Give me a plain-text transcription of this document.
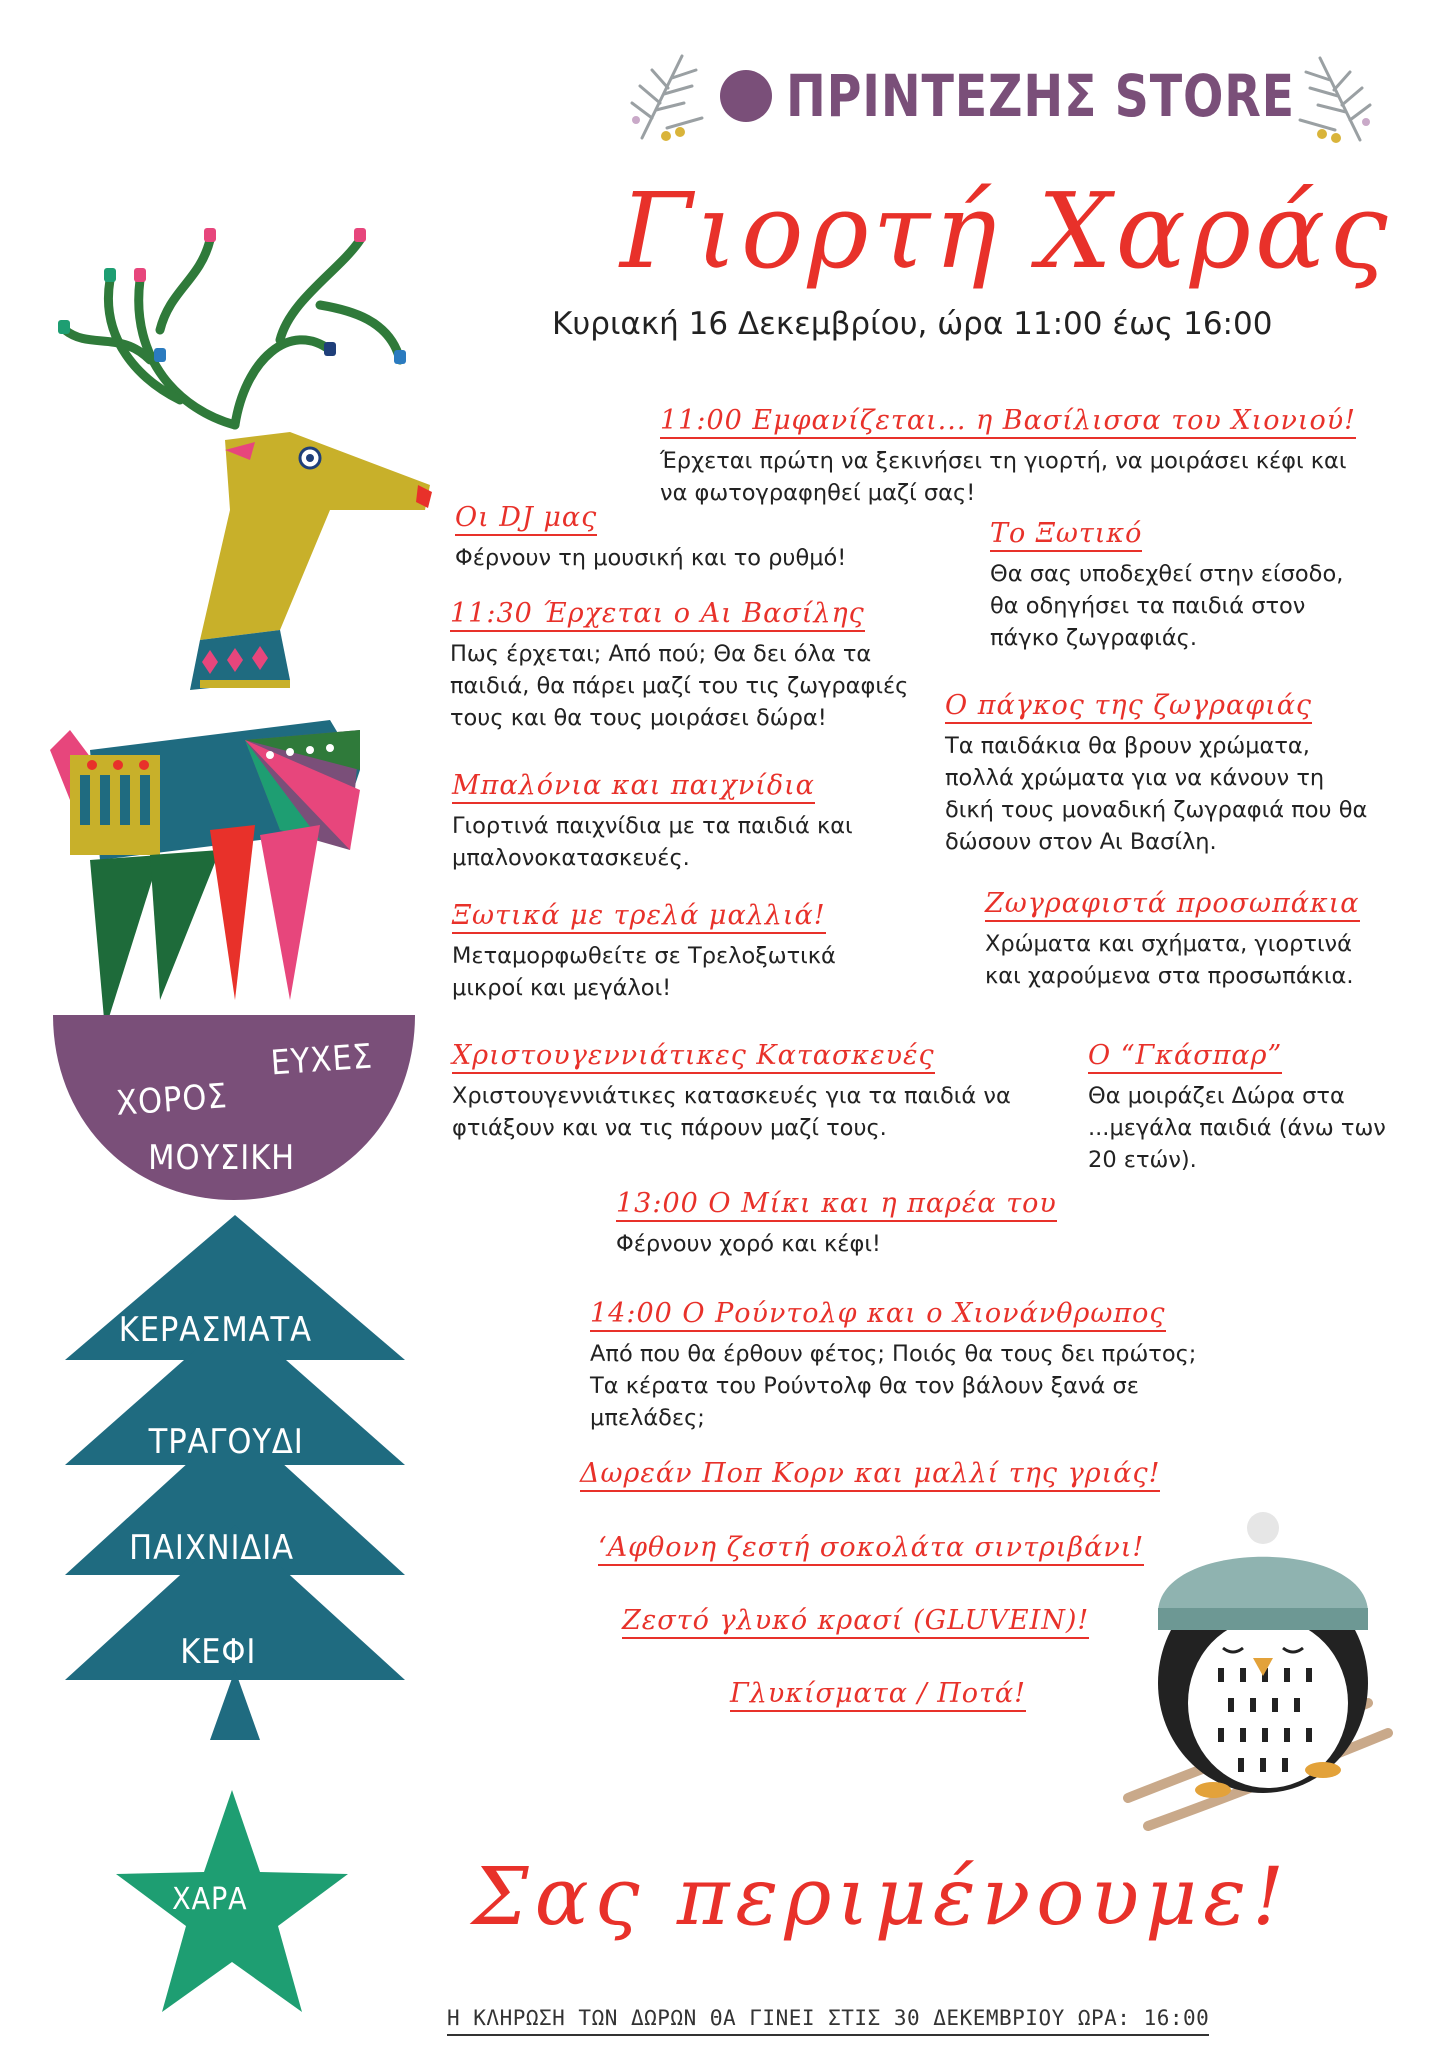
ΠΡΙΝΤΕΖΗΣ STORE
Γιορτή Χαράς
Κυριακή 16 Δεκεμβρίου, ώρα 11:00 έως 16:00
ΕΥΧΕΣ
ΧΟΡΟΣ
ΜΟΥΣΙΚΗ
ΚΕΡΑΣΜΑΤΑ
ΤΡΑΓΟΥΔΙ
ΠΑΙΧΝΙΔΙΑ
ΚΕΦΙ
ΧΑΡΑ
11:00 Εμφανίζεται... η Βασίλισσα του Χιονιού!
Έρχεται πρώτη να ξεκινήσει τη γιορτή, να μοιράσει κέφι και να φωτογραφηθεί μαζί σας!
Οι DJ μας
Φέρνουν τη μουσική και το ρυθμό!
Το Ξωτικό
Θα σας υποδεχθεί στην είσοδο, θα οδηγήσει τα παιδιά στον πάγκο ζωγραφιάς.
11:30 Έρχεται ο Αι Βασίλης
Πως έρχεται; Από πού; Θα δει όλα τα παιδιά, θα πάρει μαζί του τις ζωγραφιές τους και θα τους μοιράσει δώρα!	Ο πάγκος της ζωγραφιάς
Τα παιδάκια θα βρουν χρώματα, πολλά χρώματα για να κάνουν τη δική τους μοναδική ζωγραφιά που θα δώσουν στον Αι Βασίλη.
Μπαλόνια και παιχνίδια
Γιορτινά παιχνίδια με τα παιδιά και μπαλονοκατασκευές.
Ζωγραφιστά προσωπάκια
Χρώματα και σχήματα, γιορτινά και χαρούμενα στα προσωπάκια.
Ξωτικά με τρελά μαλλιά!
Μεταμορφωθείτε σε Τρελοξωτικά μικροί και μεγάλοι!
Χριστουγεννιάτικες Κατασκευές
Χριστουγεννιάτικες κατασκευές για τα παιδιά να φτιάξουν και να τις πάρουν μαζί τους.
Ο “Γκάσπαρ”
Θα μοιράζει Δώρα στα ...μεγάλα παιδιά (άνω των 20 ετών).
13:00 Ο Μίκι και η παρέα του
Φέρνουν χορό και κέφι!
14:00 Ο Ρούντολφ και ο Χιονάνθρωπος
Από που θα έρθουν φέτος; Ποιός θα τους δει πρώτος; Τα κέρατα του Ρούντολφ θα τον βάλουν ξανά σε μπελάδες;
Δωρεάν Ποπ Κορν και μαλλί της γριάς!
‘Αφθονη ζεστή σοκολάτα σιντριβάνι!
Ζεστό γλυκό κρασί (GLUVEIN)!
Γλυκίσματα / Ποτά!
Σας περιμένουμε!
Η ΚΛΗΡΩΣΗ ΤΩΝ ΔΩΡΩΝ ΘΑ ΓΙΝΕΙ ΣΤΙΣ 30 ΔΕΚΕΜΒΡΙΟΥ ΩΡΑ: 16:00
